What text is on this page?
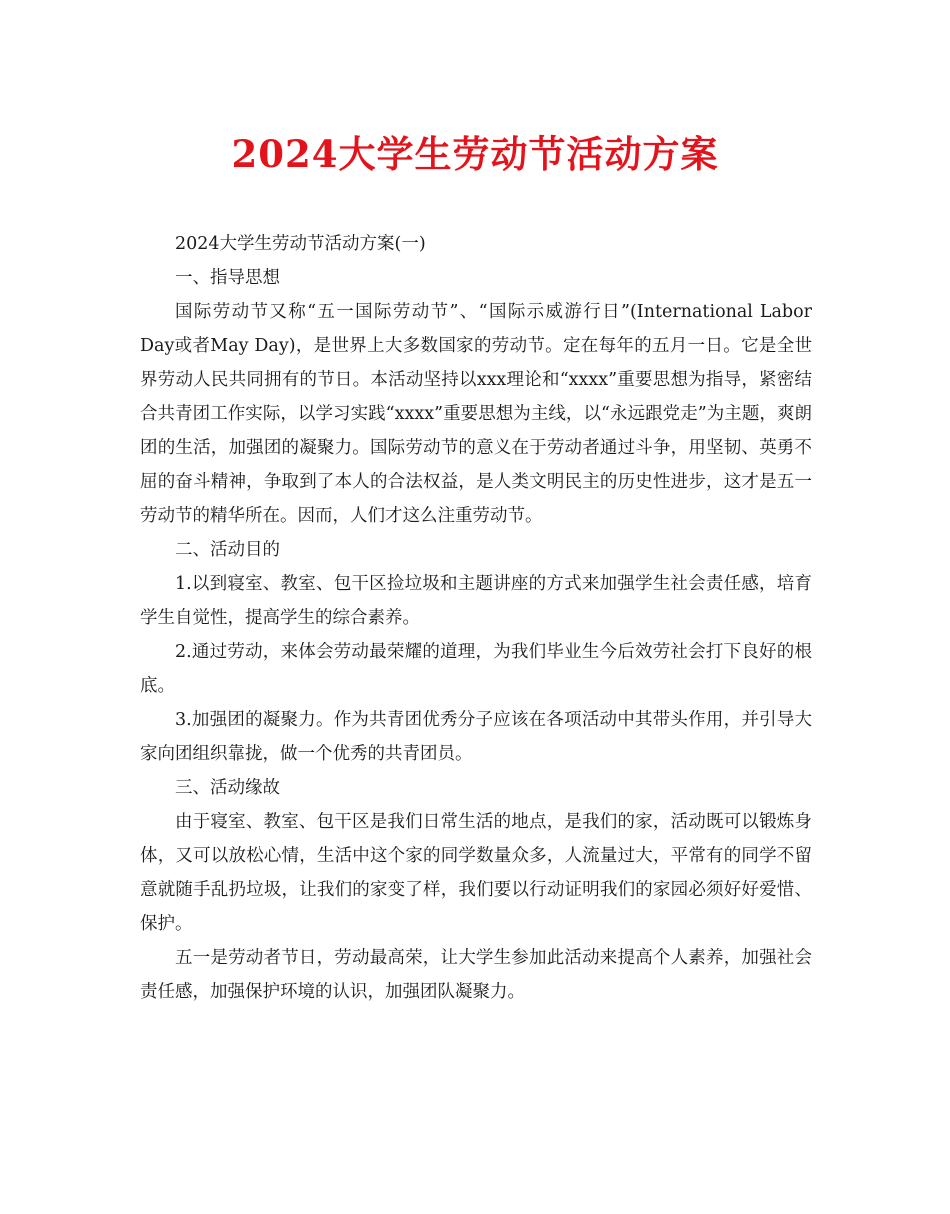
2024大学生劳动节活动方案

2024大学生劳动节活动方案(一)

一、指导思想

国际劳动节又称“五一国际劳动节”、“国际示威游行日”(International Labor Day或者May Day)，是世界上大多数国家的劳动节。定在每年的五月一日。它是全世界劳动人民共同拥有的节日。本活动坚持以xxx理论和“xxxx”重要思想为指导，紧密结合共青团工作实际，以学习实践“xxxx”重要思想为主线，以“永远跟党走”为主题，爽朗团的生活，加强团的凝聚力。国际劳动节的意义在于劳动者通过斗争，用坚韧、英勇不屈的奋斗精神，争取到了本人的合法权益，是人类文明民主的历史性进步，这才是五一劳动节的精华所在。因而，人们才这么注重劳动节。

二、活动目的

1.以到寝室、教室、包干区捡垃圾和主题讲座的方式来加强学生社会责任感，培育学生自觉性，提高学生的综合素养。

2.通过劳动，来体会劳动最荣耀的道理，为我们毕业生今后效劳社会打下良好的根底。

3.加强团的凝聚力。作为共青团优秀分子应该在各项活动中其带头作用，并引导大家向团组织靠拢，做一个优秀的共青团员。

三、活动缘故

由于寝室、教室、包干区是我们日常生活的地点，是我们的家，活动既可以锻炼身体，又可以放松心情，生活中这个家的同学数量众多，人流量过大，平常有的同学不留意就随手乱扔垃圾，让我们的家变了样，我们要以行动证明我们的家园必须好好爱惜、保护。

五一是劳动者节日，劳动最高荣，让大学生参加此活动来提高个人素养，加强社会责任感，加强保护环境的认识，加强团队凝聚力。
